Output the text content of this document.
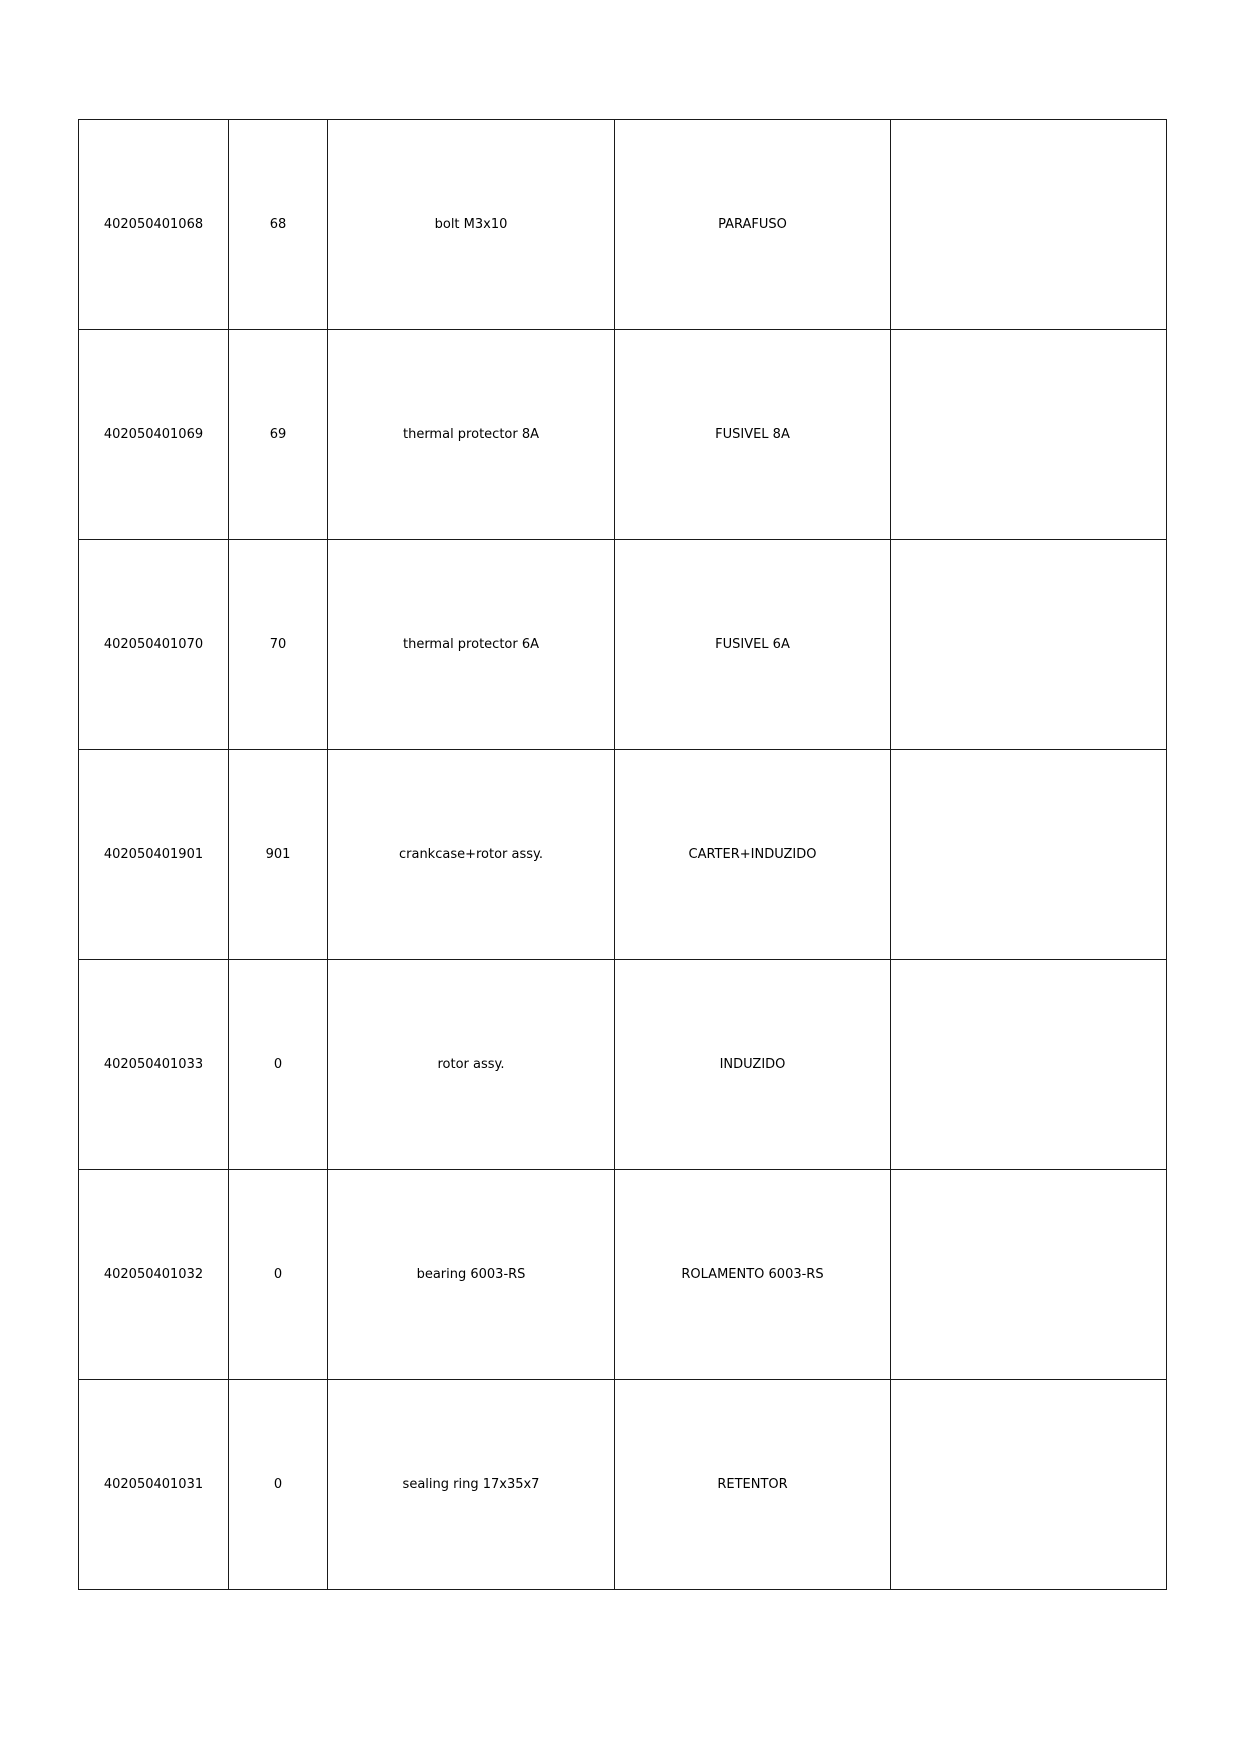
402050401068	68	bolt M3x10	PARAFUSO	
402050401069	69	thermal protector 8A	FUSIVEL 8A	
402050401070	70	thermal protector 6A	FUSIVEL 6A	
402050401901	901	crankcase+rotor assy.	CARTER+INDUZIDO	
402050401033	0	rotor assy.	INDUZIDO	
402050401032	0	bearing 6003-RS	ROLAMENTO 6003-RS	
402050401031	0	sealing ring 17x35x7	RETENTOR	
